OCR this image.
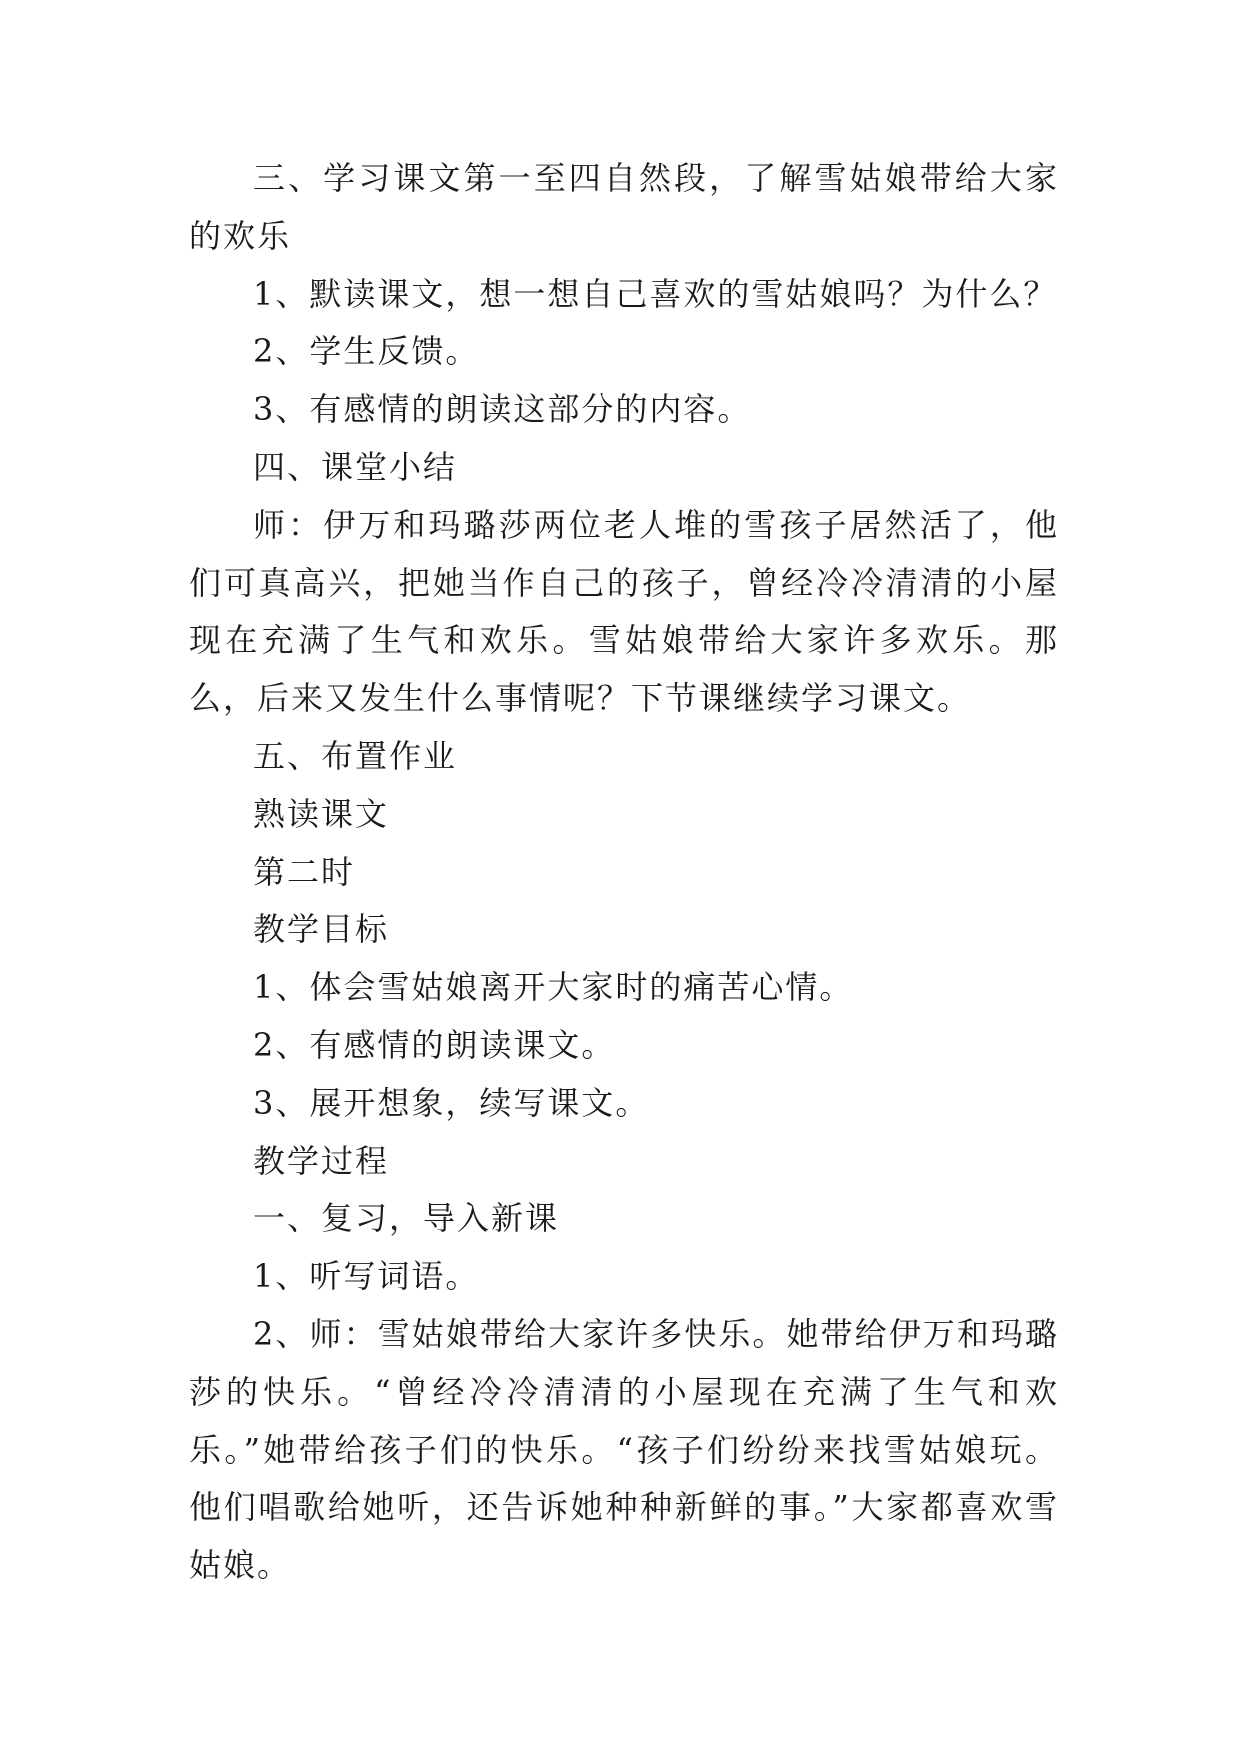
三、学习课文第一至四自然段，了解雪姑娘带给大家的欢乐

1、默读课文，想一想自己喜欢的雪姑娘吗？为什么？

2、学生反馈。

3、有感情的朗读这部分的内容。

四、课堂小结

师：伊万和玛璐莎两位老人堆的雪孩子居然活了，他们可真高兴，把她当作自己的孩子，曾经冷冷清清的小屋现在充满了生气和欢乐。雪姑娘带给大家许多欢乐。那么，后来又发生什么事情呢？下节课继续学习课文。

五、布置作业

熟读课文

第二时

教学目标

1、体会雪姑娘离开大家时的痛苦心情。

2、有感情的朗读课文。

3、展开想象，续写课文。

教学过程

一、复习，导入新课

1、听写词语。

2、师：雪姑娘带给大家许多快乐。她带给伊万和玛璐莎的快乐。“曾经冷冷清清的小屋现在充满了生气和欢乐。”她带给孩子们的快乐。“孩子们纷纷来找雪姑娘玩。他们唱歌给她听，还告诉她种种新鲜的事。”大家都喜欢雪姑娘。
